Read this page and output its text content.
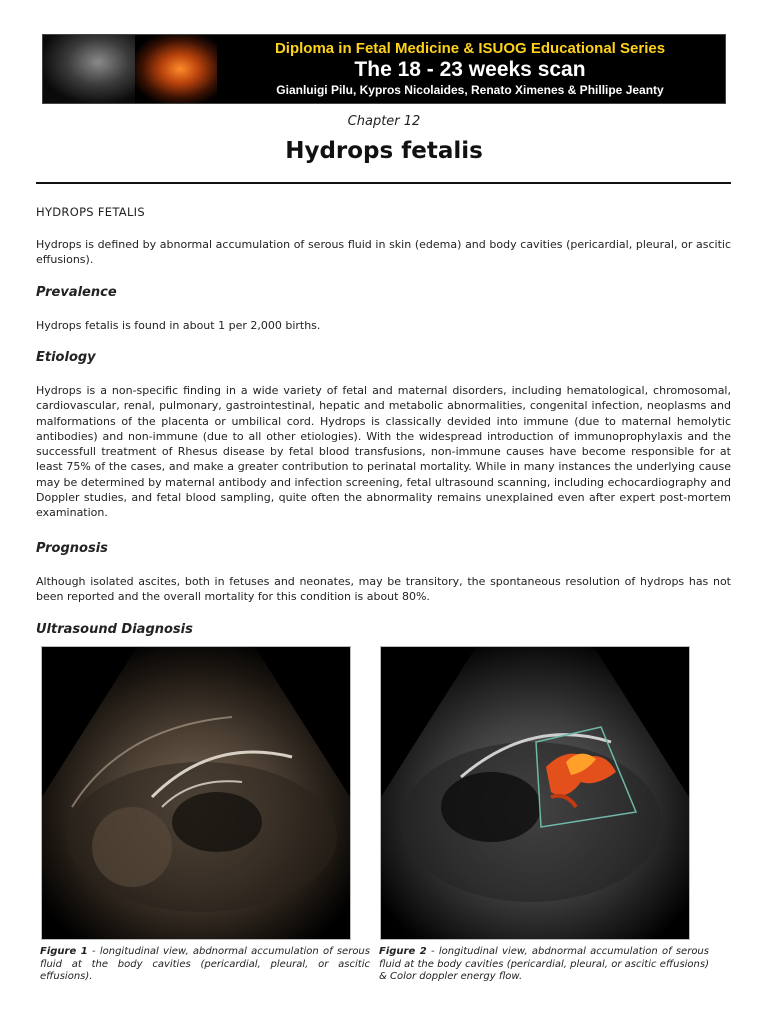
Diploma in Fetal Medicine & ISUOG Educational Series
The 18 - 23 weeks scan
Gianluigi Pilu, Kypros Nicolaides, Renato Ximenes & Phillipe Jeanty
Chapter 12
Hydrops fetalis
HYDROPS FETALIS
Hydrops is defined by abnormal accumulation of serous fluid in skin (edema) and body cavities (pericardial, pleural, or ascitic effusions).
Prevalence
Hydrops fetalis is found in about 1 per 2,000 births.
Etiology
Hydrops is a non-specific finding in a wide variety of fetal and maternal disorders, including hematological, chromosomal, cardiovascular, renal, pulmonary, gastrointestinal, hepatic and metabolic abnormalities, congenital infection, neoplasms and malformations of the placenta or umbilical cord. Hydrops is classically devided into immune (due to maternal hemolytic antibodies) and non-immune (due to all other etiologies). With the widespread introduction of immunoprophylaxis and the successfull treatment of Rhesus disease by fetal blood transfusions, non-immune causes have become responsible for at least 75% of the cases, and make a greater contribution to perinatal mortality. While in many instances the underlying cause may be determined by maternal antibody and infection screening, fetal ultrasound scanning, including echocardiography and Doppler studies, and fetal blood sampling, quite often the abnormality remains unexplained even after expert post-mortem examination.
Prognosis
Although isolated ascites, both in fetuses and neonates, may be transitory, the spontaneous resolution of hydrops has not been reported and the overall mortality for this condition is about 80%.
Ultrasound Diagnosis
Figure 1 - longitudinal view, abdnormal accumulation of serous fluid at the body cavities (pericardial, pleural, or ascitic effusions).
Figure 2 - longitudinal view, abdnormal accumulation of serous fluid at the body cavities (pericardial, pleural, or ascitic effusions) & Color doppler energy flow.
